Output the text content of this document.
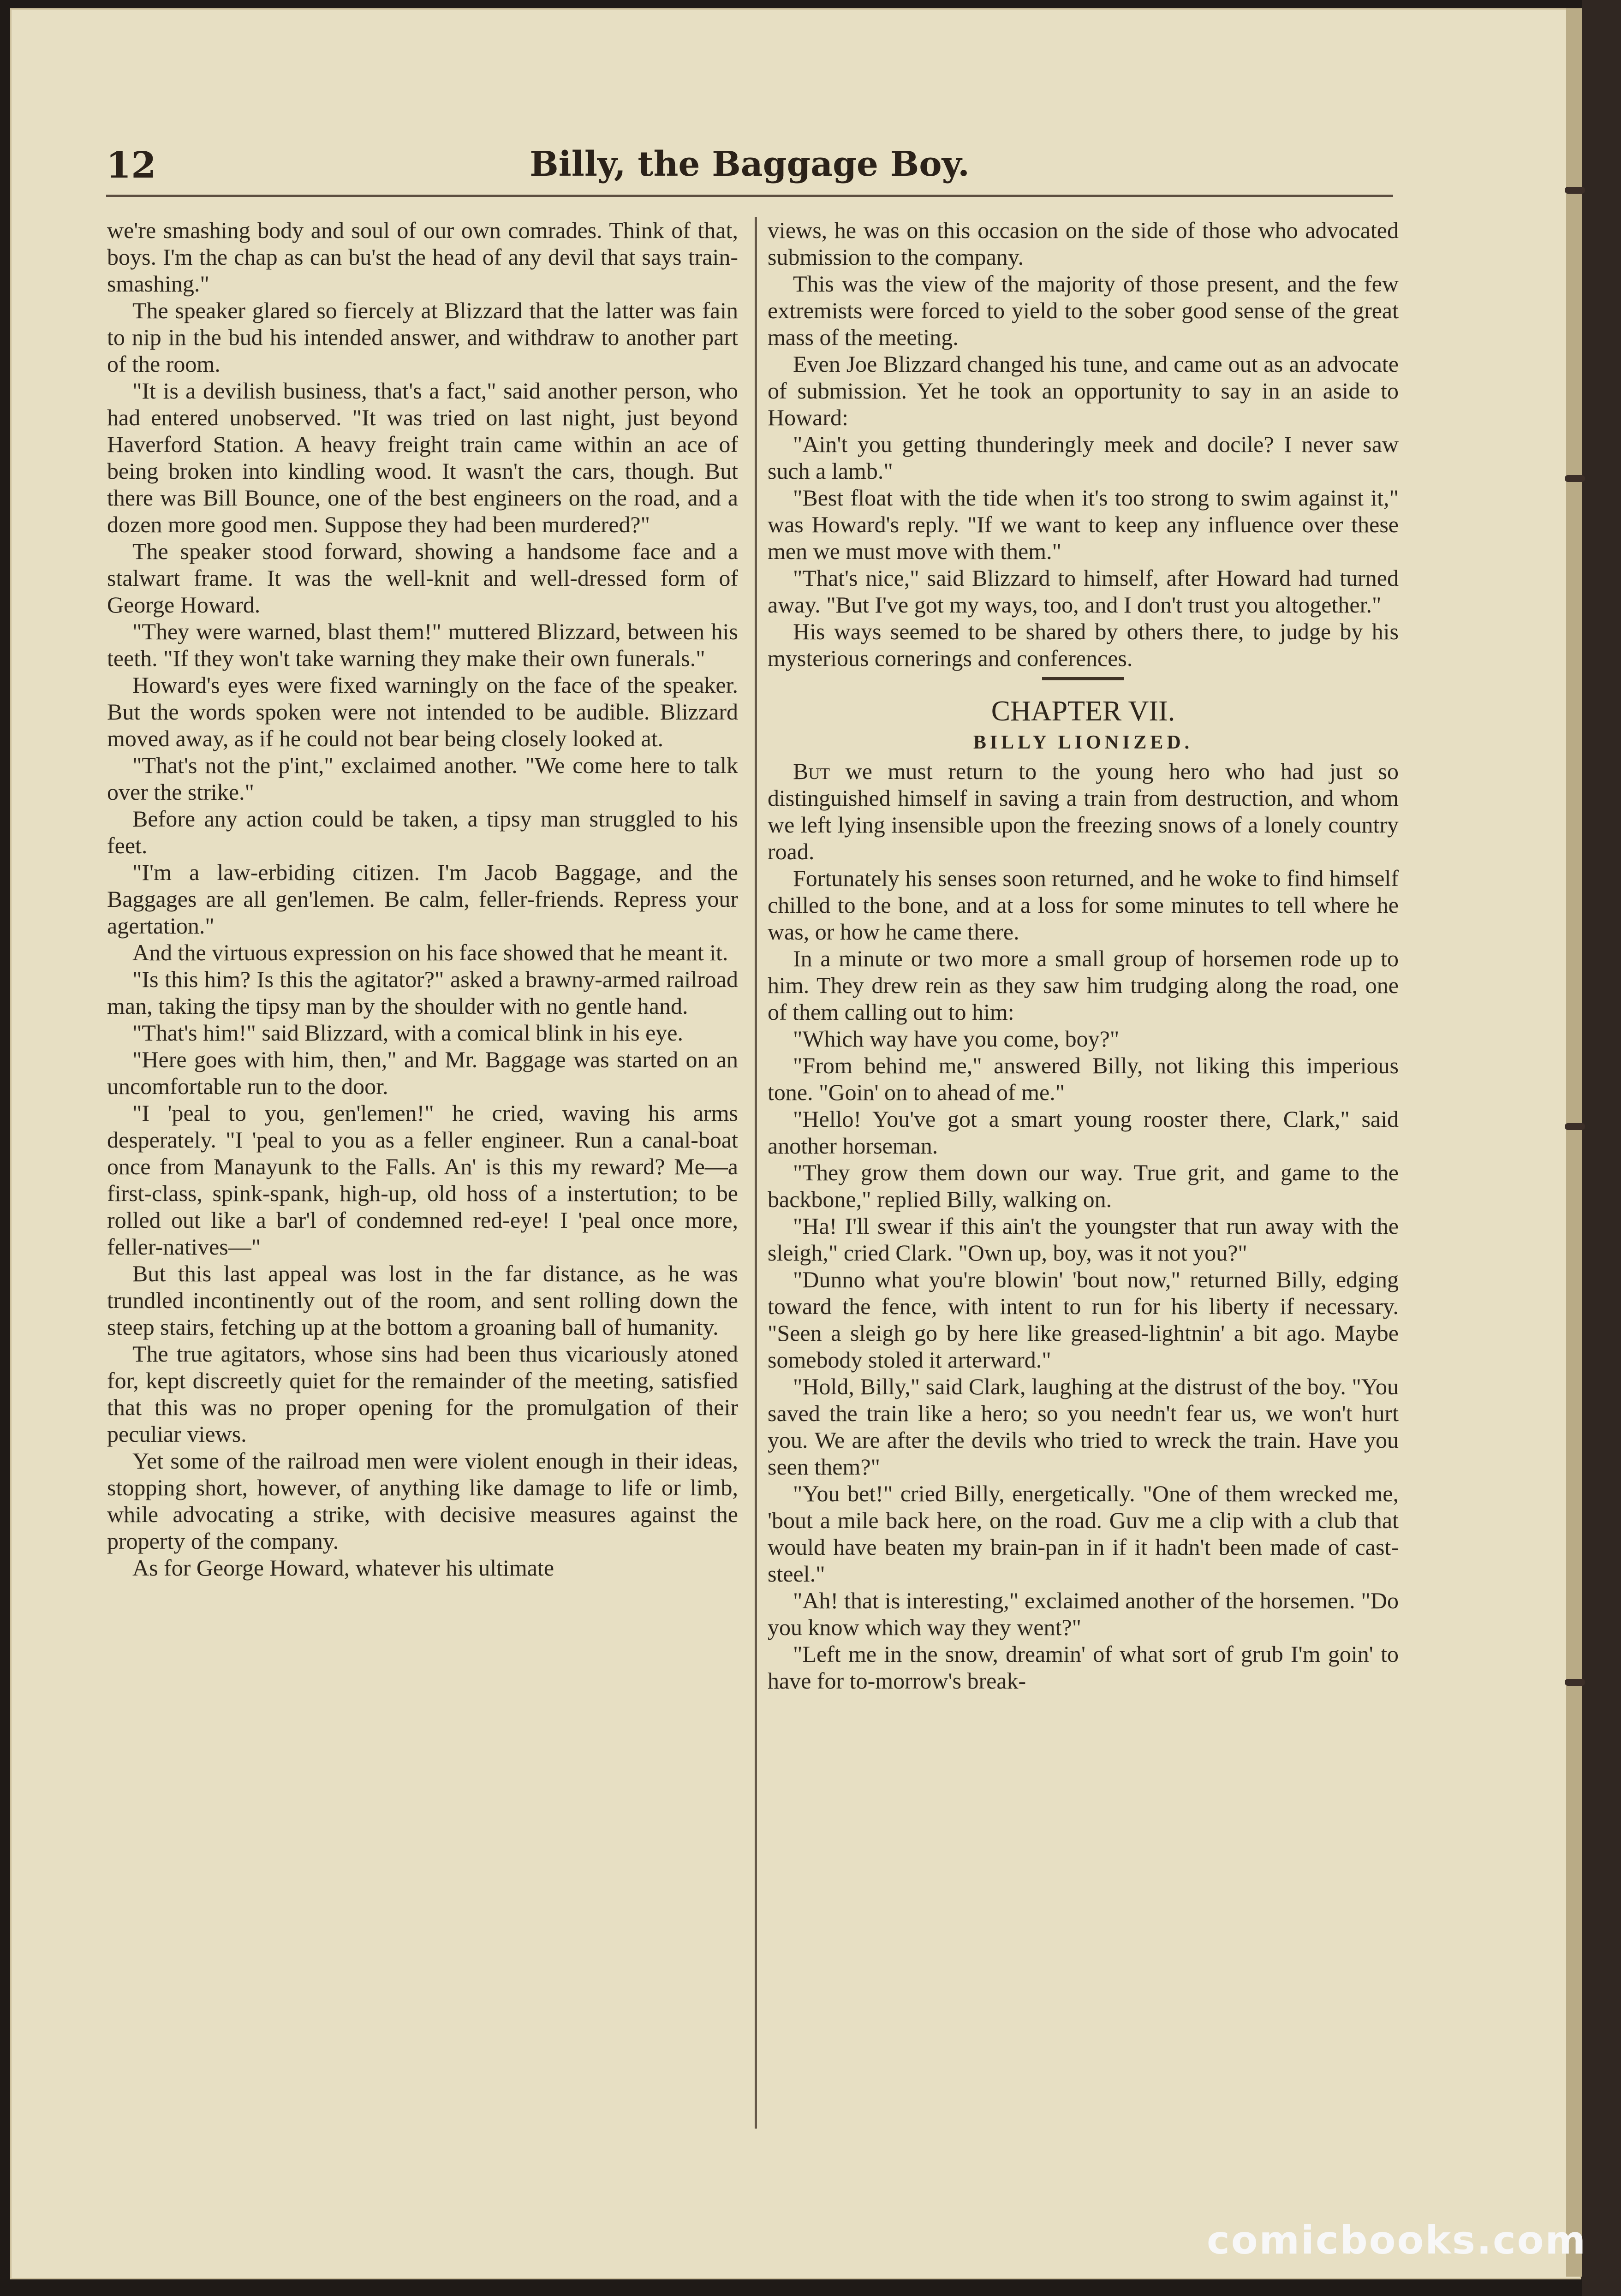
12	Billy, the Baggage Boy.

we're smashing body and soul of our own comrades. Think of that, boys. I'm the chap as can bu'st the head of any devil that says train-smashing."

The speaker glared so fiercely at Blizzard that the latter was fain to nip in the bud his intended answer, and withdraw to another part of the room.

"It is a devilish business, that's a fact," said another person, who had entered unobserved. "It was tried on last night, just beyond Haverford Station. A heavy freight train came within an ace of being broken into kindling wood. It wasn't the cars, though. But there was Bill Bounce, one of the best engineers on the road, and a dozen more good men. Suppose they had been murdered?"

The speaker stood forward, showing a handsome face and a stalwart frame. It was the well-knit and well-dressed form of George Howard.

"They were warned, blast them!" muttered Blizzard, between his teeth. "If they won't take warning they make their own funerals."

Howard's eyes were fixed warningly on the face of the speaker. But the words spoken were not intended to be audible. Blizzard moved away, as if he could not bear being closely looked at.

"That's not the p'int," exclaimed another. "We come here to talk over the strike."

Before any action could be taken, a tipsy man struggled to his feet.

"I'm a law-erbiding citizen. I'm Jacob Baggage, and the Baggages are all gen'lemen. Be calm, feller-friends. Repress your agertation."

And the virtuous expression on his face showed that he meant it.

"Is this him? Is this the agitator?" asked a brawny-armed railroad man, taking the tipsy man by the shoulder with no gentle hand.

"That's him!" said Blizzard, with a comical blink in his eye.

"Here goes with him, then," and Mr. Baggage was started on an uncomfortable run to the door.

"I 'peal to you, gen'lemen!" he cried, waving his arms desperately. "I 'peal to you as a feller engineer. Run a canal-boat once from Manayunk to the Falls. An' is this my reward? Me—a first-class, spink-spank, high-up, old hoss of a instertution; to be rolled out like a bar'l of condemned red-eye! I 'peal once more, feller-natives—"

But this last appeal was lost in the far distance, as he was trundled incontinently out of the room, and sent rolling down the steep stairs, fetching up at the bottom a groaning ball of humanity.

The true agitators, whose sins had been thus vicariously atoned for, kept discreetly quiet for the remainder of the meeting, satisfied that this was no proper opening for the promulgation of their peculiar views.

Yet some of the railroad men were violent enough in their ideas, stopping short, however, of anything like damage to life or limb, while advocating a strike, with decisive measures against the property of the company.

As for George Howard, whatever his ultimate

views, he was on this occasion on the side of those who advocated submission to the company.

This was the view of the majority of those present, and the few extremists were forced to yield to the sober good sense of the great mass of the meeting.

Even Joe Blizzard changed his tune, and came out as an advocate of submission. Yet he took an opportunity to say in an aside to Howard:

"Ain't you getting thunderingly meek and docile? I never saw such a lamb."

"Best float with the tide when it's too strong to swim against it," was Howard's reply. "If we want to keep any influence over these men we must move with them."

"That's nice," said Blizzard to himself, after Howard had turned away. "But I've got my ways, too, and I don't trust you altogether."

His ways seemed to be shared by others there, to judge by his mysterious cornerings and conferences.

CHAPTER VII.
BILLY LIONIZED.

But we must return to the young hero who had just so distinguished himself in saving a train from destruction, and whom we left lying insensible upon the freezing snows of a lonely country road.

Fortunately his senses soon returned, and he woke to find himself chilled to the bone, and at a loss for some minutes to tell where he was, or how he came there.

In a minute or two more a small group of horsemen rode up to him. They drew rein as they saw him trudging along the road, one of them calling out to him:

"Which way have you come, boy?"

"From behind me," answered Billy, not liking this imperious tone. "Goin' on to ahead of me."

"Hello! You've got a smart young rooster there, Clark," said another horseman.

"They grow them down our way. True grit, and game to the backbone," replied Billy, walking on.

"Ha! I'll swear if this ain't the youngster that run away with the sleigh," cried Clark. "Own up, boy, was it not you?"

"Dunno what you're blowin' 'bout now," returned Billy, edging toward the fence, with intent to run for his liberty if necessary. "Seen a sleigh go by here like greased-lightnin' a bit ago. Maybe somebody stoled it arterward."

"Hold, Billy," said Clark, laughing at the distrust of the boy. "You saved the train like a hero; so you needn't fear us, we won't hurt you. We are after the devils who tried to wreck the train. Have you seen them?"

"You bet!" cried Billy, energetically. "One of them wrecked me, 'bout a mile back here, on the road. Guv me a clip with a club that would have beaten my brain-pan in if it hadn't been made of cast-steel."

"Ah! that is interesting," exclaimed another of the horsemen. "Do you know which way they went?"

"Left me in the snow, dreamin' of what sort of grub I'm goin' to have for to-morrow's break-

comicbooks.com
